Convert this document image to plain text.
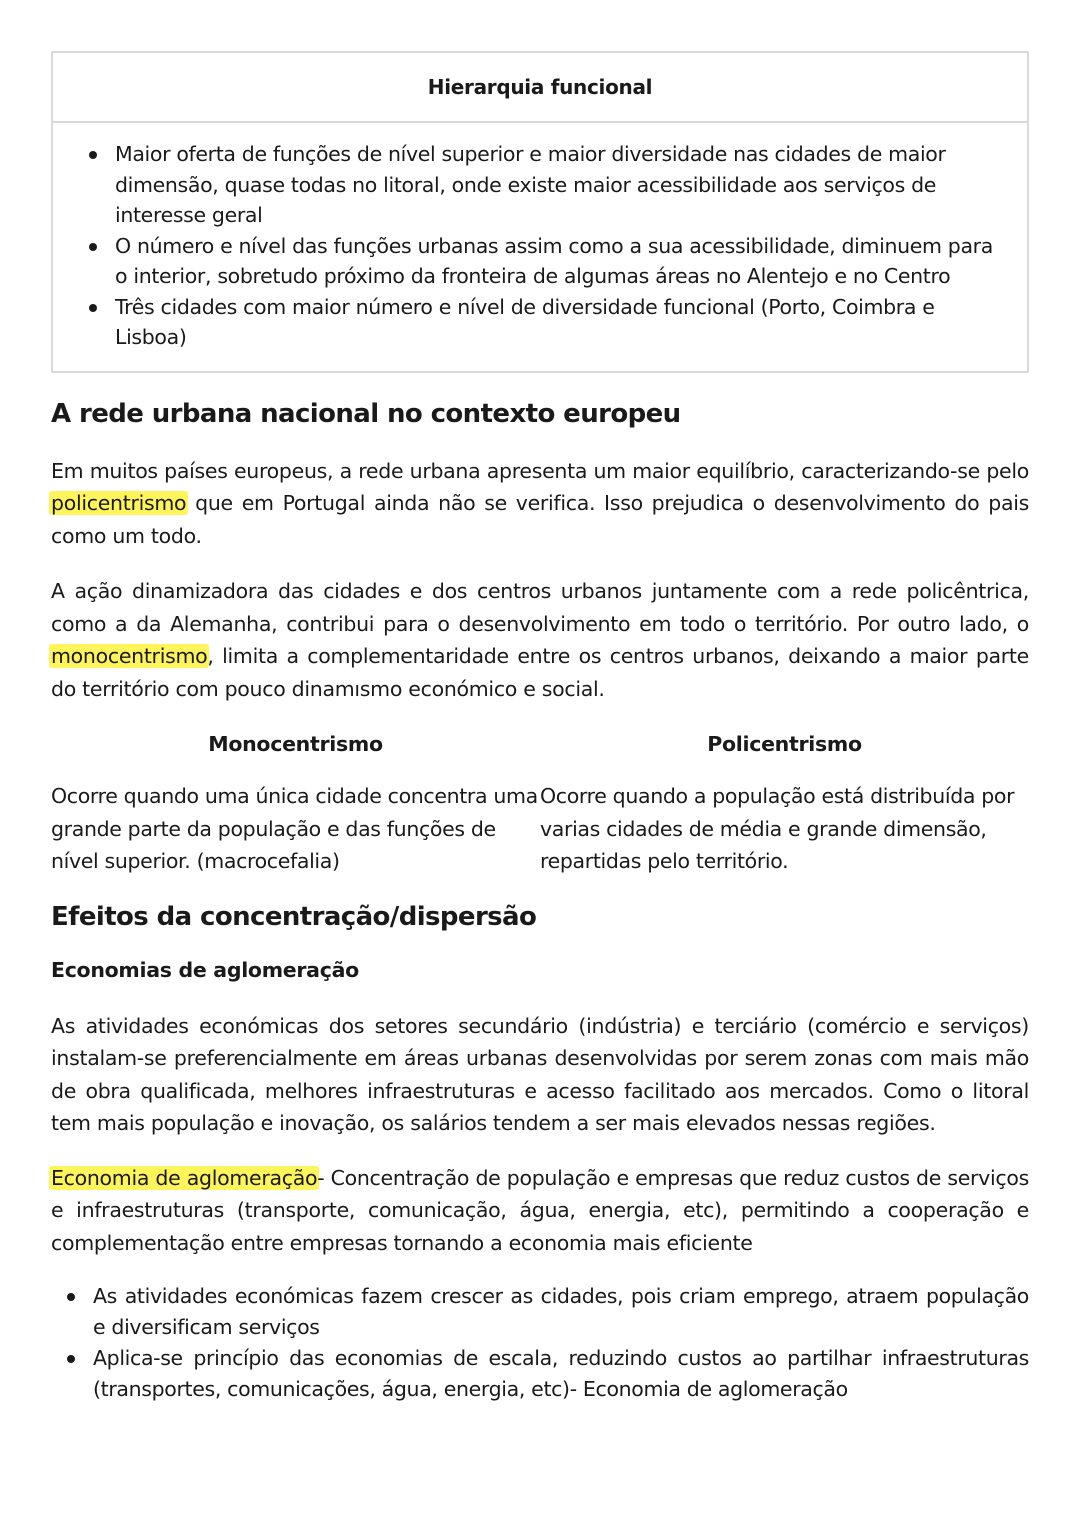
Hierarquia funcional
Maior oferta de funções de nível superior e maior diversidade nas cidades de maior dimensão, quase todas no litoral, onde existe maior acessibilidade aos serviços de interesse geral
O número e nível das funções urbanas assim como a sua acessibilidade, diminuem para o interior, sobretudo próximo da fronteira de algumas áreas no Alentejo e no Centro
Três cidades com maior número e nível de diversidade funcional (Porto, Coimbra e Lisboa)
A rede urbana nacional no contexto europeu

Em muitos países europeus, a rede urbana apresenta um maior equilíbrio, caracterizando-se pelo policentrismo que em Portugal ainda não se verifica. Isso prejudica o desenvolvimento do pais como um todo.

A ação dinamizadora das cidades e dos centros urbanos juntamente com a rede policêntrica, como a da Alemanha, contribui para o desenvolvimento em todo o território. Por outro lado, o monocentrismo, limita a complementaridade entre os centros urbanos, deixando a maior parte do território com pouco dinamısmo económico e social.

Monocentrismo
Ocorre quando uma única cidade concentra uma grande parte da população e das funções de nível superior. (macrocefalia)
Policentrismo
Ocorre quando a população está distribuída por varias cidades de média e grande dimensão, repartidas pelo território.
Efeitos da concentração/dispersão
Economias de aglomeração

As atividades económicas dos setores secundário (indústria) e terciário (comércio e serviços) instalam-se preferencialmente em áreas urbanas desenvolvidas por serem zonas com mais mão de obra qualificada, melhores infraestruturas e acesso facilitado aos mercados. Como o litoral tem mais população e inovação, os salários tendem a ser mais elevados nessas regiões.

Economia de aglomeração- Concentração de população e empresas que reduz custos de serviços e infraestruturas (transporte, comunicação, água, energia, etc), permitindo a cooperação e complementação entre empresas tornando a economia mais eficiente

As atividades económicas fazem crescer as cidades, pois criam emprego, atraem população e diversificam serviços
Aplica-se princípio das economias de escala, reduzindo custos ao partilhar infraestruturas (transportes, comunicações, água, energia, etc)- Economia de aglomeração
